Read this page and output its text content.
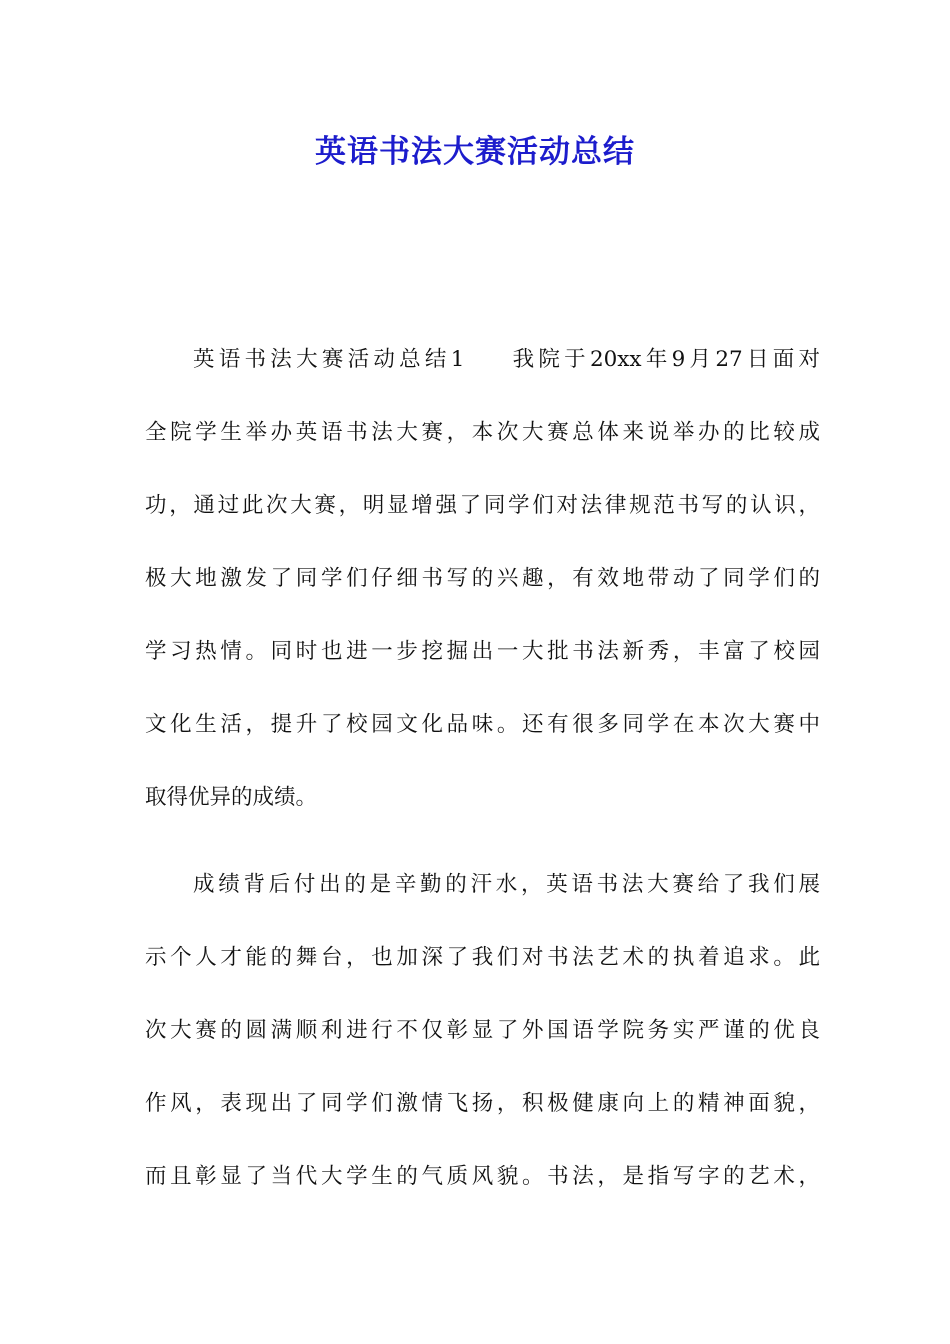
英语书法大赛活动总结
英语书法大赛活动总结1 我院于20xx年9月27日面对
全院学生举办英语书法大赛，本次大赛总体来说举办的比较成
功，通过此次大赛，明显增强了同学们对法律规范书写的认识，
极大地激发了同学们仔细书写的兴趣，有效地带动了同学们的
学习热情。同时也进一步挖掘出一大批书法新秀，丰富了校园
文化生活，提升了校园文化品味。还有很多同学在本次大赛中
取得优异的成绩。
成绩背后付出的是辛勤的汗水，英语书法大赛给了我们展
示个人才能的舞台，也加深了我们对书法艺术的执着追求。此
次大赛的圆满顺利进行不仅彰显了外国语学院务实严谨的优良
作风，表现出了同学们激情飞扬，积极健康向上的精神面貌，
而且彰显了当代大学生的气质风貌。书法，是指写字的艺术，
